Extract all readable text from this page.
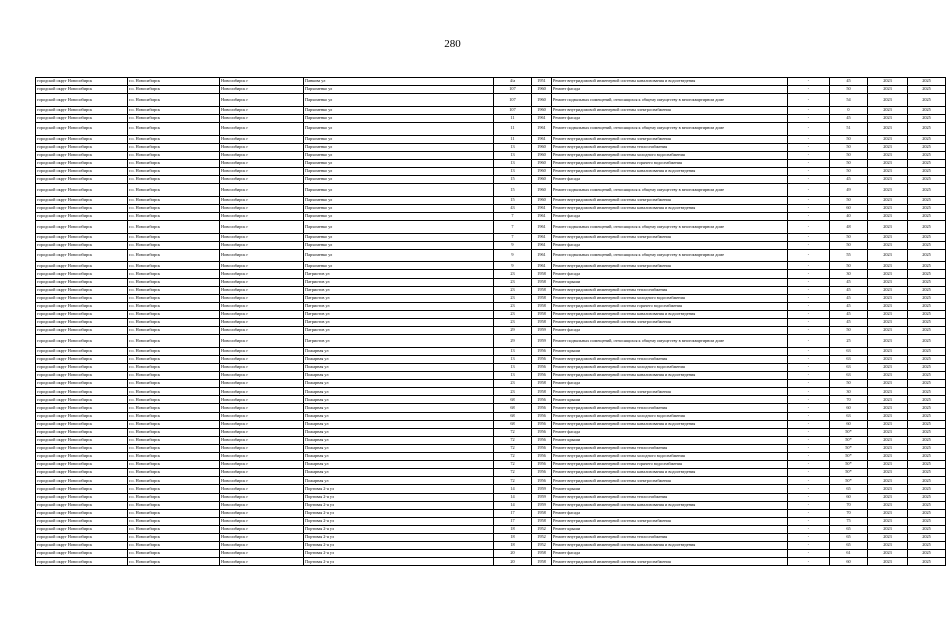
280
городской округ Новосибирск	г.о. Новосибирск	Новосибирск г	Панкова ул	4/а	1951	Ремонт внутридомовой инженерной системы канализования и водоотведения	-	45	2023	2025
городской округ Новосибирск	г.о. Новосибирск	Новосибирск г	Пархоменко ул	107	1960	Ремонт фасада	-	50	2023	2025
городской округ Новосибирск	г.о. Новосибирск	Новосибирск г	Пархоменко ул	107	1960	Ремонт подвальных помещений, относящихся к общему имуществу в многоквартирном доме	-	54	2023	2025
городской округ Новосибирск	г.о. Новосибирск	Новосибирск г	Пархоменко ул	107	1960	Ремонт внутридомовой инженерной системы электроснабжения	-	0	2023	2025
городской округ Новосибирск	г.о. Новосибирск	Новосибирск г	Пархоменко ул	11	1961	Ремонт фасада	-	45	2023	2025
городской округ Новосибирск	г.о. Новосибирск	Новосибирск г	Пархоменко ул	11	1961	Ремонт подвальных помещений, относящихся к общему имуществу в многоквартирном доме	-	51	2023	2025
городской округ Новосибирск	г.о. Новосибирск	Новосибирск г	Пархоменко ул	11	1961	Ремонт внутридомовой инженерной системы электроснабжения	-	50	2023	2025
городской округ Новосибирск	г.о. Новосибирск	Новосибирск г	Пархоменко ул	13	1960	Ремонт внутридомовой инженерной системы теплоснабжения	-	50	2023	2025
городской округ Новосибирск	г.о. Новосибирск	Новосибирск г	Пархоменко ул	13	1960	Ремонт внутридомовой инженерной системы холодного водоснабжения	-	50	2023	2025
городской округ Новосибирск	г.о. Новосибирск	Новосибирск г	Пархоменко ул	13	1960	Ремонт внутридомовой инженерной системы горячего водоснабжения	-	50	2023	2025
городской округ Новосибирск	г.о. Новосибирск	Новосибирск г	Пархоменко ул	13	1960	Ремонт внутридомовой инженерной системы канализования и водоотведения	-	50	2023	2025
городской округ Новосибирск	г.о. Новосибирск	Новосибирск г	Пархоменко ул	15	1960	Ремонт фасада	-	45	2023	2025
городской округ Новосибирск	г.о. Новосибирск	Новосибирск г	Пархоменко ул	15	1960	Ремонт подвальных помещений, относящихся к общему имуществу в многоквартирном доме	-	49	2023	2025
городской округ Новосибирск	г.о. Новосибирск	Новосибирск г	Пархоменко ул	15	1960	Ремонт внутридомовой инженерной системы электроснабжения	-	50	2023	2025
городской округ Новосибирск	г.о. Новосибирск	Новосибирск г	Пархоменко ул	43	1961	Ремонт внутридомовой инженерной системы канализования и водоотведения	-	60	2023	2025
городской округ Новосибирск	г.о. Новосибирск	Новосибирск г	Пархоменко ул	7	1961	Ремонт фасада	-	40	2023	2025
городской округ Новосибирск	г.о. Новосибирск	Новосибирск г	Пархоменко ул	7	1961	Ремонт подвальных помещений, относящихся к общему имуществу в многоквартирном доме	-	48	2023	2025
городской округ Новосибирск	г.о. Новосибирск	Новосибирск г	Пархоменко ул	7	1961	Ремонт внутридомовой инженерной системы электроснабжения	-	50	2023	2025
городской округ Новосибирск	г.о. Новосибирск	Новосибирск г	Пархоменко ул	9	1961	Ремонт фасада	-	50	2023	2025
городской округ Новосибирск	г.о. Новосибирск	Новосибирск г	Пархоменко ул	9	1961	Ремонт подвальных помещений, относящихся к общему имуществу в многоквартирном доме	-	55	2023	2025
городской округ Новосибирск	г.о. Новосибирск	Новосибирск г	Пархоменко ул	9	1961	Ремонт внутридомовой инженерной системы электроснабжения	-	50	2023	2025
городской округ Новосибирск	г.о. Новосибирск	Новосибирск г	Патриотов ул	23	1958	Ремонт фасада	-	30	2023	2025
городской округ Новосибирск	г.о. Новосибирск	Новосибирск г	Патриотов ул	23	1958	Ремонт крыши	-	45	2023	2025
городской округ Новосибирск	г.о. Новосибирск	Новосибирск г	Патриотов ул	23	1958	Ремонт внутридомовой инженерной системы теплоснабжения	-	45	2023	2025
городской округ Новосибирск	г.о. Новосибирск	Новосибирск г	Патриотов ул	23	1958	Ремонт внутридомовой инженерной системы холодного водоснабжения	-	45	2023	2025
городской округ Новосибирск	г.о. Новосибирск	Новосибирск г	Патриотов ул	23	1958	Ремонт внутридомовой инженерной системы горячего водоснабжения	-	45	2023	2025
городской округ Новосибирск	г.о. Новосибирск	Новосибирск г	Патриотов ул	23	1958	Ремонт внутридомовой инженерной системы канализования и водоотведения	-	45	2023	2025
городской округ Новосибирск	г.о. Новосибирск	Новосибирск г	Патриотов ул	23	1958	Ремонт внутридомовой инженерной системы электроснабжения	-	45	2023	2025
городской округ Новосибирск	г.о. Новосибирск	Новосибирск г	Патриотов ул	29	1959	Ремонт фасада	-	50	2023	2025
городской округ Новосибирск	г.о. Новосибирск	Новосибирск г	Патриотов ул	29	1959	Ремонт подвальных помещений, относящихся к общему имуществу в многоквартирном доме	-	25	2023	2025
городской округ Новосибирск	г.о. Новосибирск	Новосибирск г	Пожарная ул	13	1956	Ремонт крыши	-	63	2023	2025
городской округ Новосибирск	г.о. Новосибирск	Новосибирск г	Пожарная ул	13	1956	Ремонт внутридомовой инженерной системы теплоснабжения	-	63	2023	2025
городской округ Новосибирск	г.о. Новосибирск	Новосибирск г	Пожарная ул	13	1956	Ремонт внутридомовой инженерной системы холодного водоснабжения	-	63	2023	2025
городской округ Новосибирск	г.о. Новосибирск	Новосибирск г	Пожарная ул	13	1956	Ремонт внутридомовой инженерной системы канализования и водоотведения	-	63	2023	2025
городской округ Новосибирск	г.о. Новосибирск	Новосибирск г	Пожарная ул	23	1958	Ремонт фасада	-	50	2023	2025
городской округ Новосибирск	г.о. Новосибирск	Новосибирск г	Пожарная ул	23	1958	Ремонт внутридомовой инженерной системы электроснабжения	-	30	2023	2025
городской округ Новосибирск	г.о. Новосибирск	Новосибирск г	Пожарная ул	68	1956	Ремонт крыши	-	70	2023	2025
городской округ Новосибирск	г.о. Новосибирск	Новосибирск г	Пожарная ул	68	1956	Ремонт внутридомовой инженерной системы теплоснабжения	-	60	2023	2025
городской округ Новосибирск	г.о. Новосибирск	Новосибирск г	Пожарная ул	68	1956	Ремонт внутридомовой инженерной системы холодного водоснабжения	-	63	2023	2025
городской округ Новосибирск	г.о. Новосибирск	Новосибирск г	Пожарная ул	68	1956	Ремонт внутридомовой инженерной системы канализования и водоотведения	-	60	2023	2025
городской округ Новосибирск	г.о. Новосибирск	Новосибирск г	Пожарная ул	72	1956	Ремонт фасада	-	50*	2023	2025
городской округ Новосибирск	г.о. Новосибирск	Новосибирск г	Пожарная ул	72	1956	Ремонт крыши	-	50*	2023	2025
городской округ Новосибирск	г.о. Новосибирск	Новосибирск г	Пожарная ул	72	1956	Ремонт внутридомовой инженерной системы теплоснабжения	-	50*	2023	2025
городской округ Новосибирск	г.о. Новосибирск	Новосибирск г	Пожарная ул	72	1956	Ремонт внутридомовой инженерной системы холодного водоснабжения	-	50*	2023	2025
городской округ Новосибирск	г.о. Новосибирск	Новосибирск г	Пожарная ул	72	1956	Ремонт внутридомовой инженерной системы горячего водоснабжения	-	50*	2023	2025
городской округ Новосибирск	г.о. Новосибирск	Новосибирск г	Пожарная ул	72	1956	Ремонт внутридомовой инженерной системы канализования и водоотведения	-	50*	2023	2025
городской округ Новосибирск	г.о. Новосибирск	Новосибирск г	Пожарная ул	72	1956	Ремонт внутридомовой инженерной системы электроснабжения	-	50*	2023	2025
городской округ Новосибирск	г.о. Новосибирск	Новосибирск г	Портовая 2-я ул	14	1959	Ремонт крыши	-	65	2023	2025
городской округ Новосибирск	г.о. Новосибирск	Новосибирск г	Портовая 2-я ул	14	1959	Ремонт внутридомовой инженерной системы теплоснабжения	-	60	2023	2025
городской округ Новосибирск	г.о. Новосибирск	Новосибирск г	Портовая 2-я ул	14	1959	Ремонт внутридомовой инженерной системы канализования и водоотведения	-	70	2023	2025
городской округ Новосибирск	г.о. Новосибирск	Новосибирск г	Портовая 2-я ул	17	1958	Ремонт фасада	-	70	2023	2025
городской округ Новосибирск	г.о. Новосибирск	Новосибирск г	Портовая 2-я ул	17	1958	Ремонт внутридомовой инженерной системы электроснабжения	-	75	2023	2025
городской округ Новосибирск	г.о. Новосибирск	Новосибирск г	Портовая 2-я ул	18	1952	Ремонт крыши	-	65	2023	2025
городской округ Новосибирск	г.о. Новосибирск	Новосибирск г	Портовая 2-я ул	18	1952	Ремонт внутридомовой инженерной системы теплоснабжения	-	65	2023	2025
городской округ Новосибирск	г.о. Новосибирск	Новосибирск г	Портовая 2-я ул	18	1952	Ремонт внутридомовой инженерной системы канализования и водоотведения	-	65	2023	2025
городской округ Новосибирск	г.о. Новосибирск	Новосибирск г	Портовая 2-я ул	20	1958	Ремонт фасада	-	61	2023	2025
городской округ Новосибирск	г.о. Новосибирск	Новосибирск г	Портовая 2-я ул	20	1958	Ремонт внутридомовой инженерной системы электроснабжения	-	60	2023	2025
